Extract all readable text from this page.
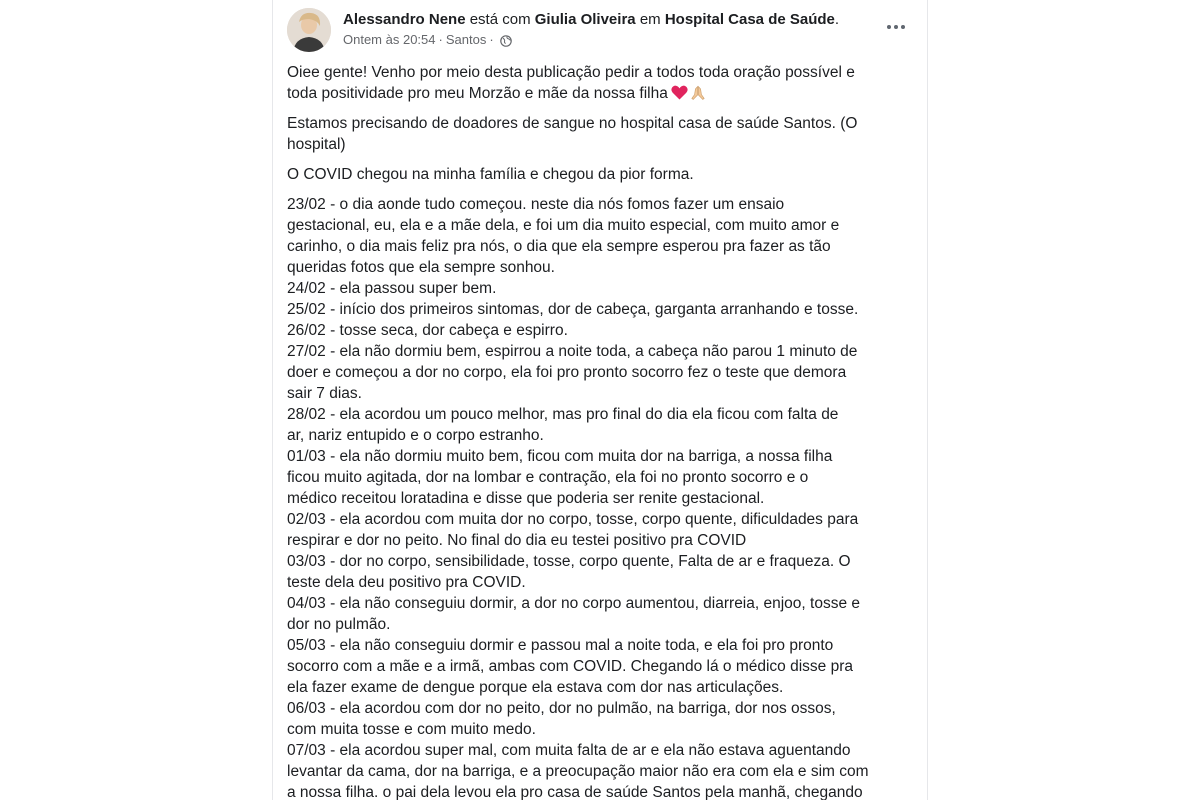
Alessandro Nene está com Giulia Oliveira em Hospital Casa de Saúde.
Ontem às 20:54 · Santos ·

Oiee gente! Venho por meio desta publicação pedir a todos toda oração possível e
toda positividade pro meu Morzão e mãe da nossa filha

Estamos precisando de doadores de sangue no hospital casa de saúde Santos. (O
hospital)

O COVID chegou na minha família e chegou da pior forma.

23/02 - o dia aonde tudo começou. neste dia nós fomos fazer um ensaio
gestacional, eu, ela e a mãe dela, e foi um dia muito especial, com muito amor e
carinho, o dia mais feliz pra nós, o dia que ela sempre esperou pra fazer as tão
queridas fotos que ela sempre sonhou.
24/02 - ela passou super bem.
25/02 - início dos primeiros sintomas, dor de cabeça, garganta arranhando e tosse.
26/02 - tosse seca, dor cabeça e espirro.
27/02 - ela não dormiu bem, espirrou a noite toda, a cabeça não parou 1 minuto de
doer e começou a dor no corpo, ela foi pro pronto socorro fez o teste que demora
sair 7 dias.
28/02 - ela acordou um pouco melhor, mas pro final do dia ela ficou com falta de
ar, nariz entupido e o corpo estranho.
01/03 - ela não dormiu muito bem, ficou com muita dor na barriga, a nossa filha
ficou muito agitada, dor na lombar e contração, ela foi no pronto socorro e o
médico receitou loratadina e disse que poderia ser renite gestacional.
02/03 - ela acordou com muita dor no corpo, tosse, corpo quente, dificuldades para
respirar e dor no peito. No final do dia eu testei positivo pra COVID
03/03 - dor no corpo, sensibilidade, tosse, corpo quente, Falta de ar e fraqueza. O
teste dela deu positivo pra COVID.
04/03 - ela não conseguiu dormir, a dor no corpo aumentou, diarreia, enjoo, tosse e
dor no pulmão.
05/03 - ela não conseguiu dormir e passou mal a noite toda, e ela foi pro pronto
socorro com a mãe e a irmã, ambas com COVID. Chegando lá o médico disse pra
ela fazer exame de dengue porque ela estava com dor nas articulações.
06/03 - ela acordou com dor no peito, dor no pulmão, na barriga, dor nos ossos,
com muita tosse e com muito medo.
07/03 - ela acordou super mal, com muita falta de ar e ela não estava aguentando
levantar da cama, dor na barriga, e a preocupação maior não era com ela e sim com
a nossa filha. o pai dela levou ela pro casa de saúde Santos pela manhã, chegando
